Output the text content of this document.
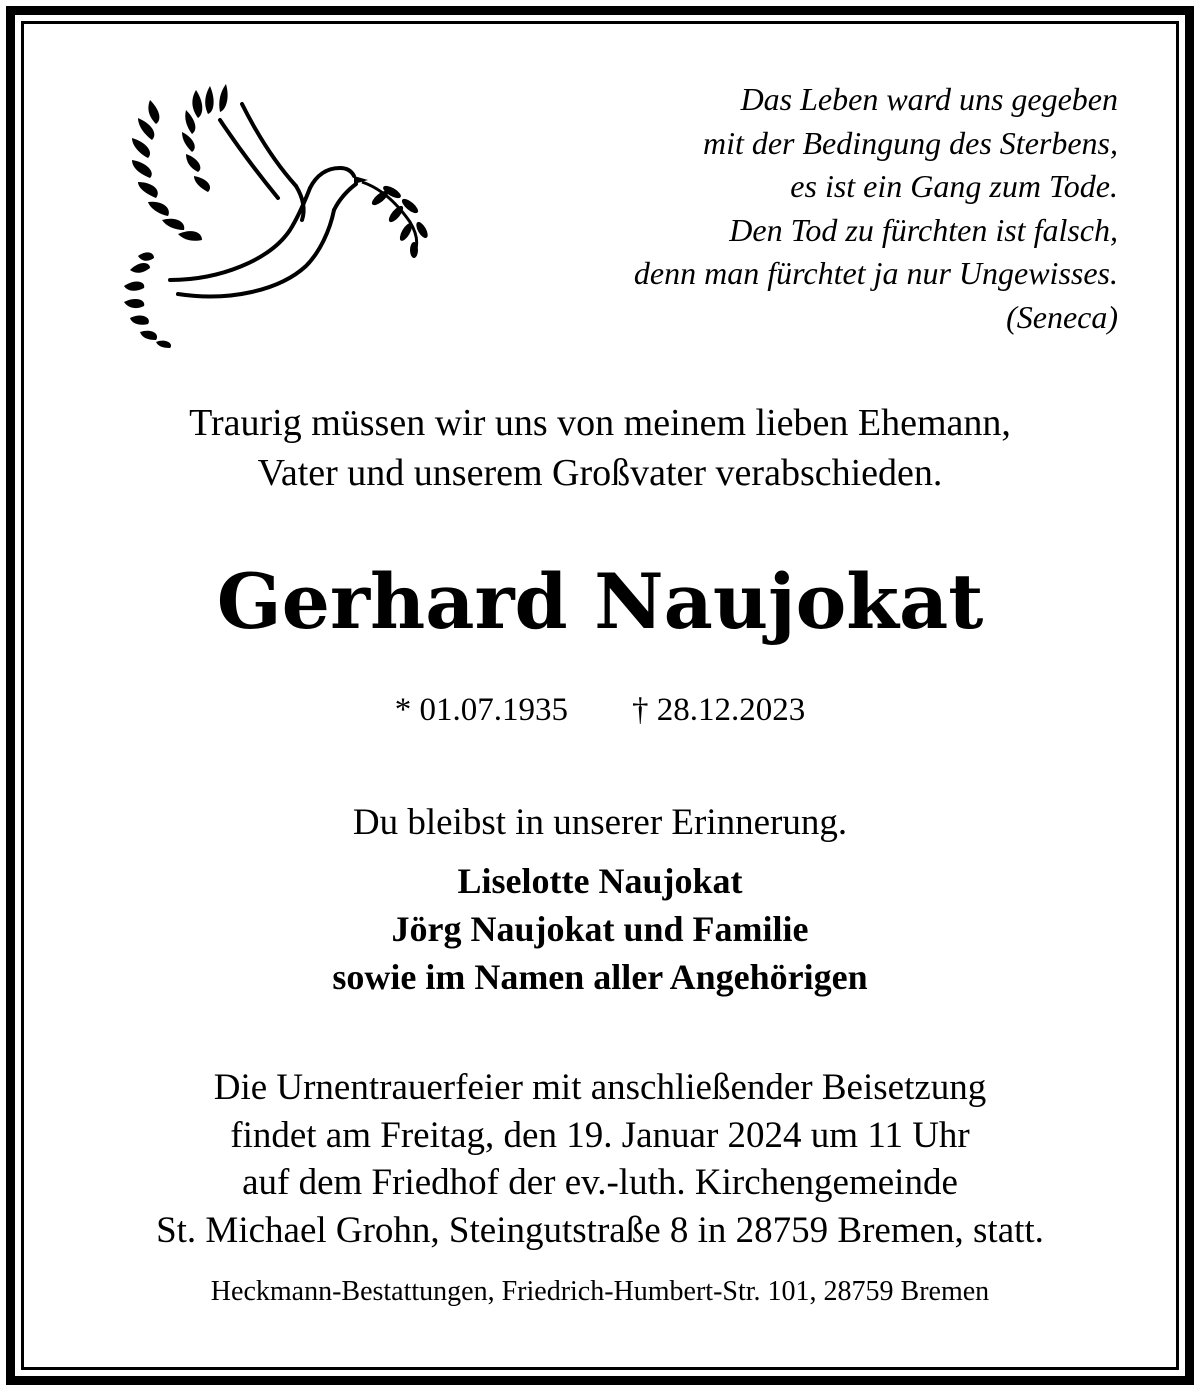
Das Leben ward uns gegeben
mit der Bedingung des Sterbens,
es ist ein Gang zum Tode.
Den Tod zu fürchten ist falsch,
denn man fürchtet ja nur Ungewisses.
(Seneca)
Traurig müssen wir uns von meinem lieben Ehemann,
Vater und unserem Großvater verabschieden.
Gerhard Naujokat
* 01.07.1935 † 28.12.2023
Du bleibst in unserer Erinnerung.
Liselotte Naujokat
Jörg Naujokat und Familie
sowie im Namen aller Angehörigen
Die Urnentrauerfeier mit anschließender Beisetzung
findet am Freitag, den 19. Januar 2024 um 11 Uhr
auf dem Friedhof der ev.-luth. Kirchengemeinde
St. Michael Grohn, Steingutstraße 8 in 28759 Bremen, statt.
Heckmann-Bestattungen, Friedrich-Humbert-Str. 101, 28759 Bremen
